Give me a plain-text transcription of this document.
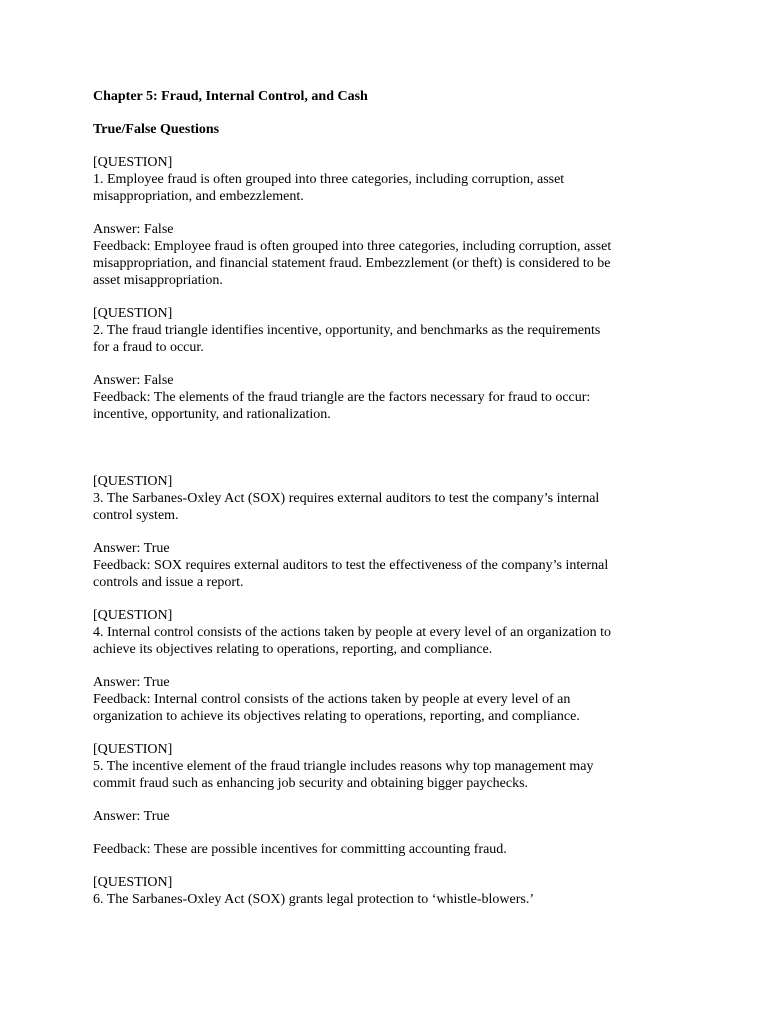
Chapter 5: Fraud, Internal Control, and Cash
True/False Questions
[QUESTION]
1. Employee fraud is often grouped into three categories, including corruption, asset
misappropriation, and embezzlement.
Answer: False
Feedback: Employee fraud is often grouped into three categories, including corruption, asset
misappropriation, and financial statement fraud. Embezzlement (or theft) is considered to be
asset misappropriation.
[QUESTION]
2. The fraud triangle identifies incentive, opportunity, and benchmarks as the requirements
for a fraud to occur.
Answer: False
Feedback: The elements of the fraud triangle are the factors necessary for fraud to occur:
incentive, opportunity, and rationalization.
[QUESTION]
3. The Sarbanes-Oxley Act (SOX) requires external auditors to test the company’s internal
control system.
Answer: True
Feedback: SOX requires external auditors to test the effectiveness of the company’s internal
controls and issue a report.
[QUESTION]
4. Internal control consists of the actions taken by people at every level of an organization to
achieve its objectives relating to operations, reporting, and compliance.
Answer: True
Feedback: Internal control consists of the actions taken by people at every level of an
organization to achieve its objectives relating to operations, reporting, and compliance.
[QUESTION]
5. The incentive element of the fraud triangle includes reasons why top management may
commit fraud such as enhancing job security and obtaining bigger paychecks.
Answer: True
Feedback: These are possible incentives for committing accounting fraud.
[QUESTION]
6. The Sarbanes-Oxley Act (SOX) grants legal protection to ‘whistle-blowers.’
